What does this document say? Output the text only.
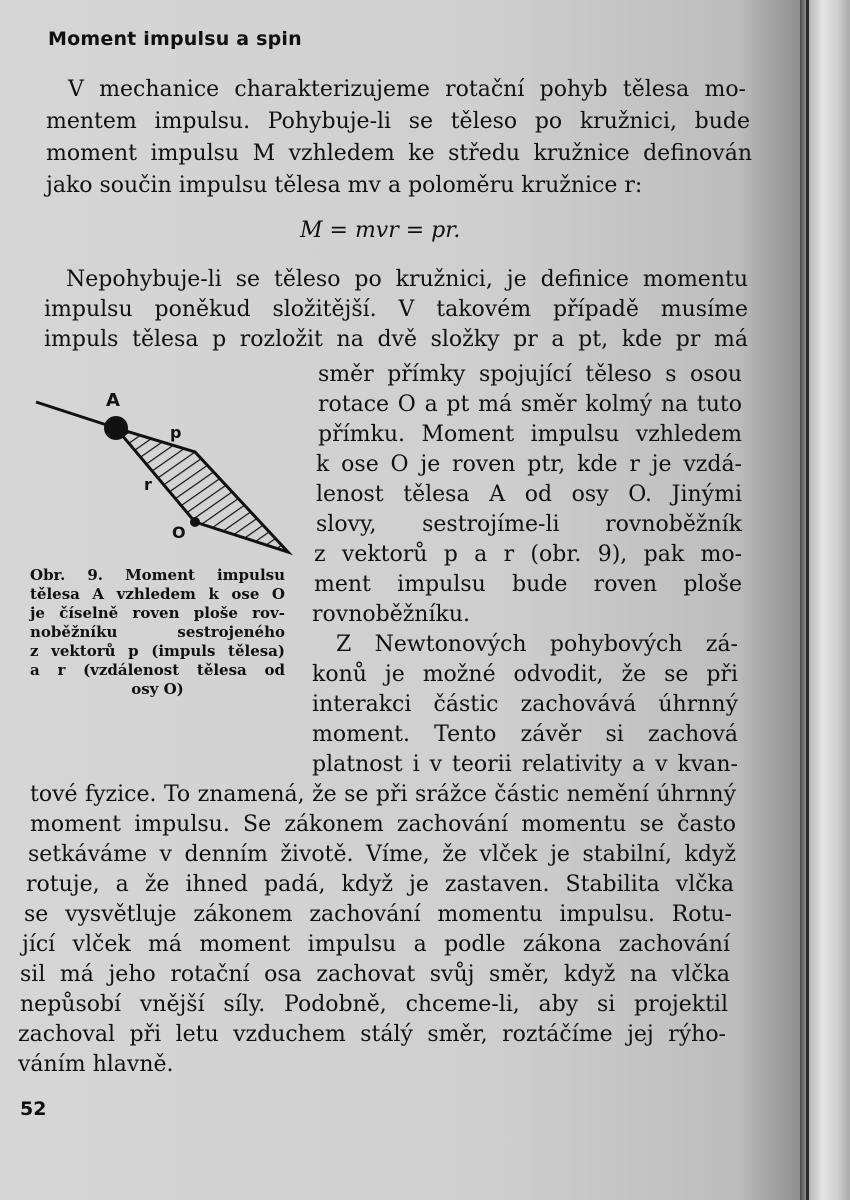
Moment impulsu a spin
V mechanice charakterizujeme rotační pohyb tělesa mo-
mentem impulsu. Pohybuje-li se těleso po kružnici, bude
moment impulsu M vzhledem ke středu kružnice definován
jako součin impulsu tělesa mv a poloměru kružnice r:
M = mvr = pr.
Nepohybuje-li se těleso po kružnici, je definice momentu
impulsu poněkud složitější. V takovém případě musíme
impuls tělesa p rozložit na dvě složky pr a pt, kde pr má
směr přímky spojující těleso s osou
rotace O a pt má směr kolmý na tuto
přímku. Moment impulsu vzhledem
k ose O je roven ptr, kde r je vzdá-
lenost tělesa A od osy O. Jinými
slovy, sestrojíme-li rovnoběžník
z vektorů p a r (obr. 9), pak mo-
ment impulsu bude roven ploše
rovnoběžníku.
Z Newtonových pohybových zá-
konů je možné odvodit, že se při
interakci částic zachovává úhrnný
moment. Tento závěr si zachová
platnost i v teorii relativity a v kvan-
tové fyzice. To znamená, že se při srážce částic nemění úhrnný
moment impulsu. Se zákonem zachování momentu se často
setkáváme v denním životě. Víme, že vlček je stabilní, když
rotuje, a že ihned padá, když je zastaven. Stabilita vlčka
se vysvětluje zákonem zachování momentu impulsu. Rotu-
jící vlček má moment impulsu a podle zákona zachování
sil má jeho rotační osa zachovat svůj směr, když na vlčka
nepůsobí vnější síly. Podobně, chceme-li, aby si projektil
zachoval při letu vzduchem stálý směr, roztáčíme jej rýho-
váním hlavně.
A
p
r
O
Obr. 9. Moment impulsu
tělesa A vzhledem k ose O
je číselně roven ploše rov-
noběžníku sestrojeného
z vektorů p (impuls tělesa)
a r (vzdálenost tělesa od
osy O)
52
